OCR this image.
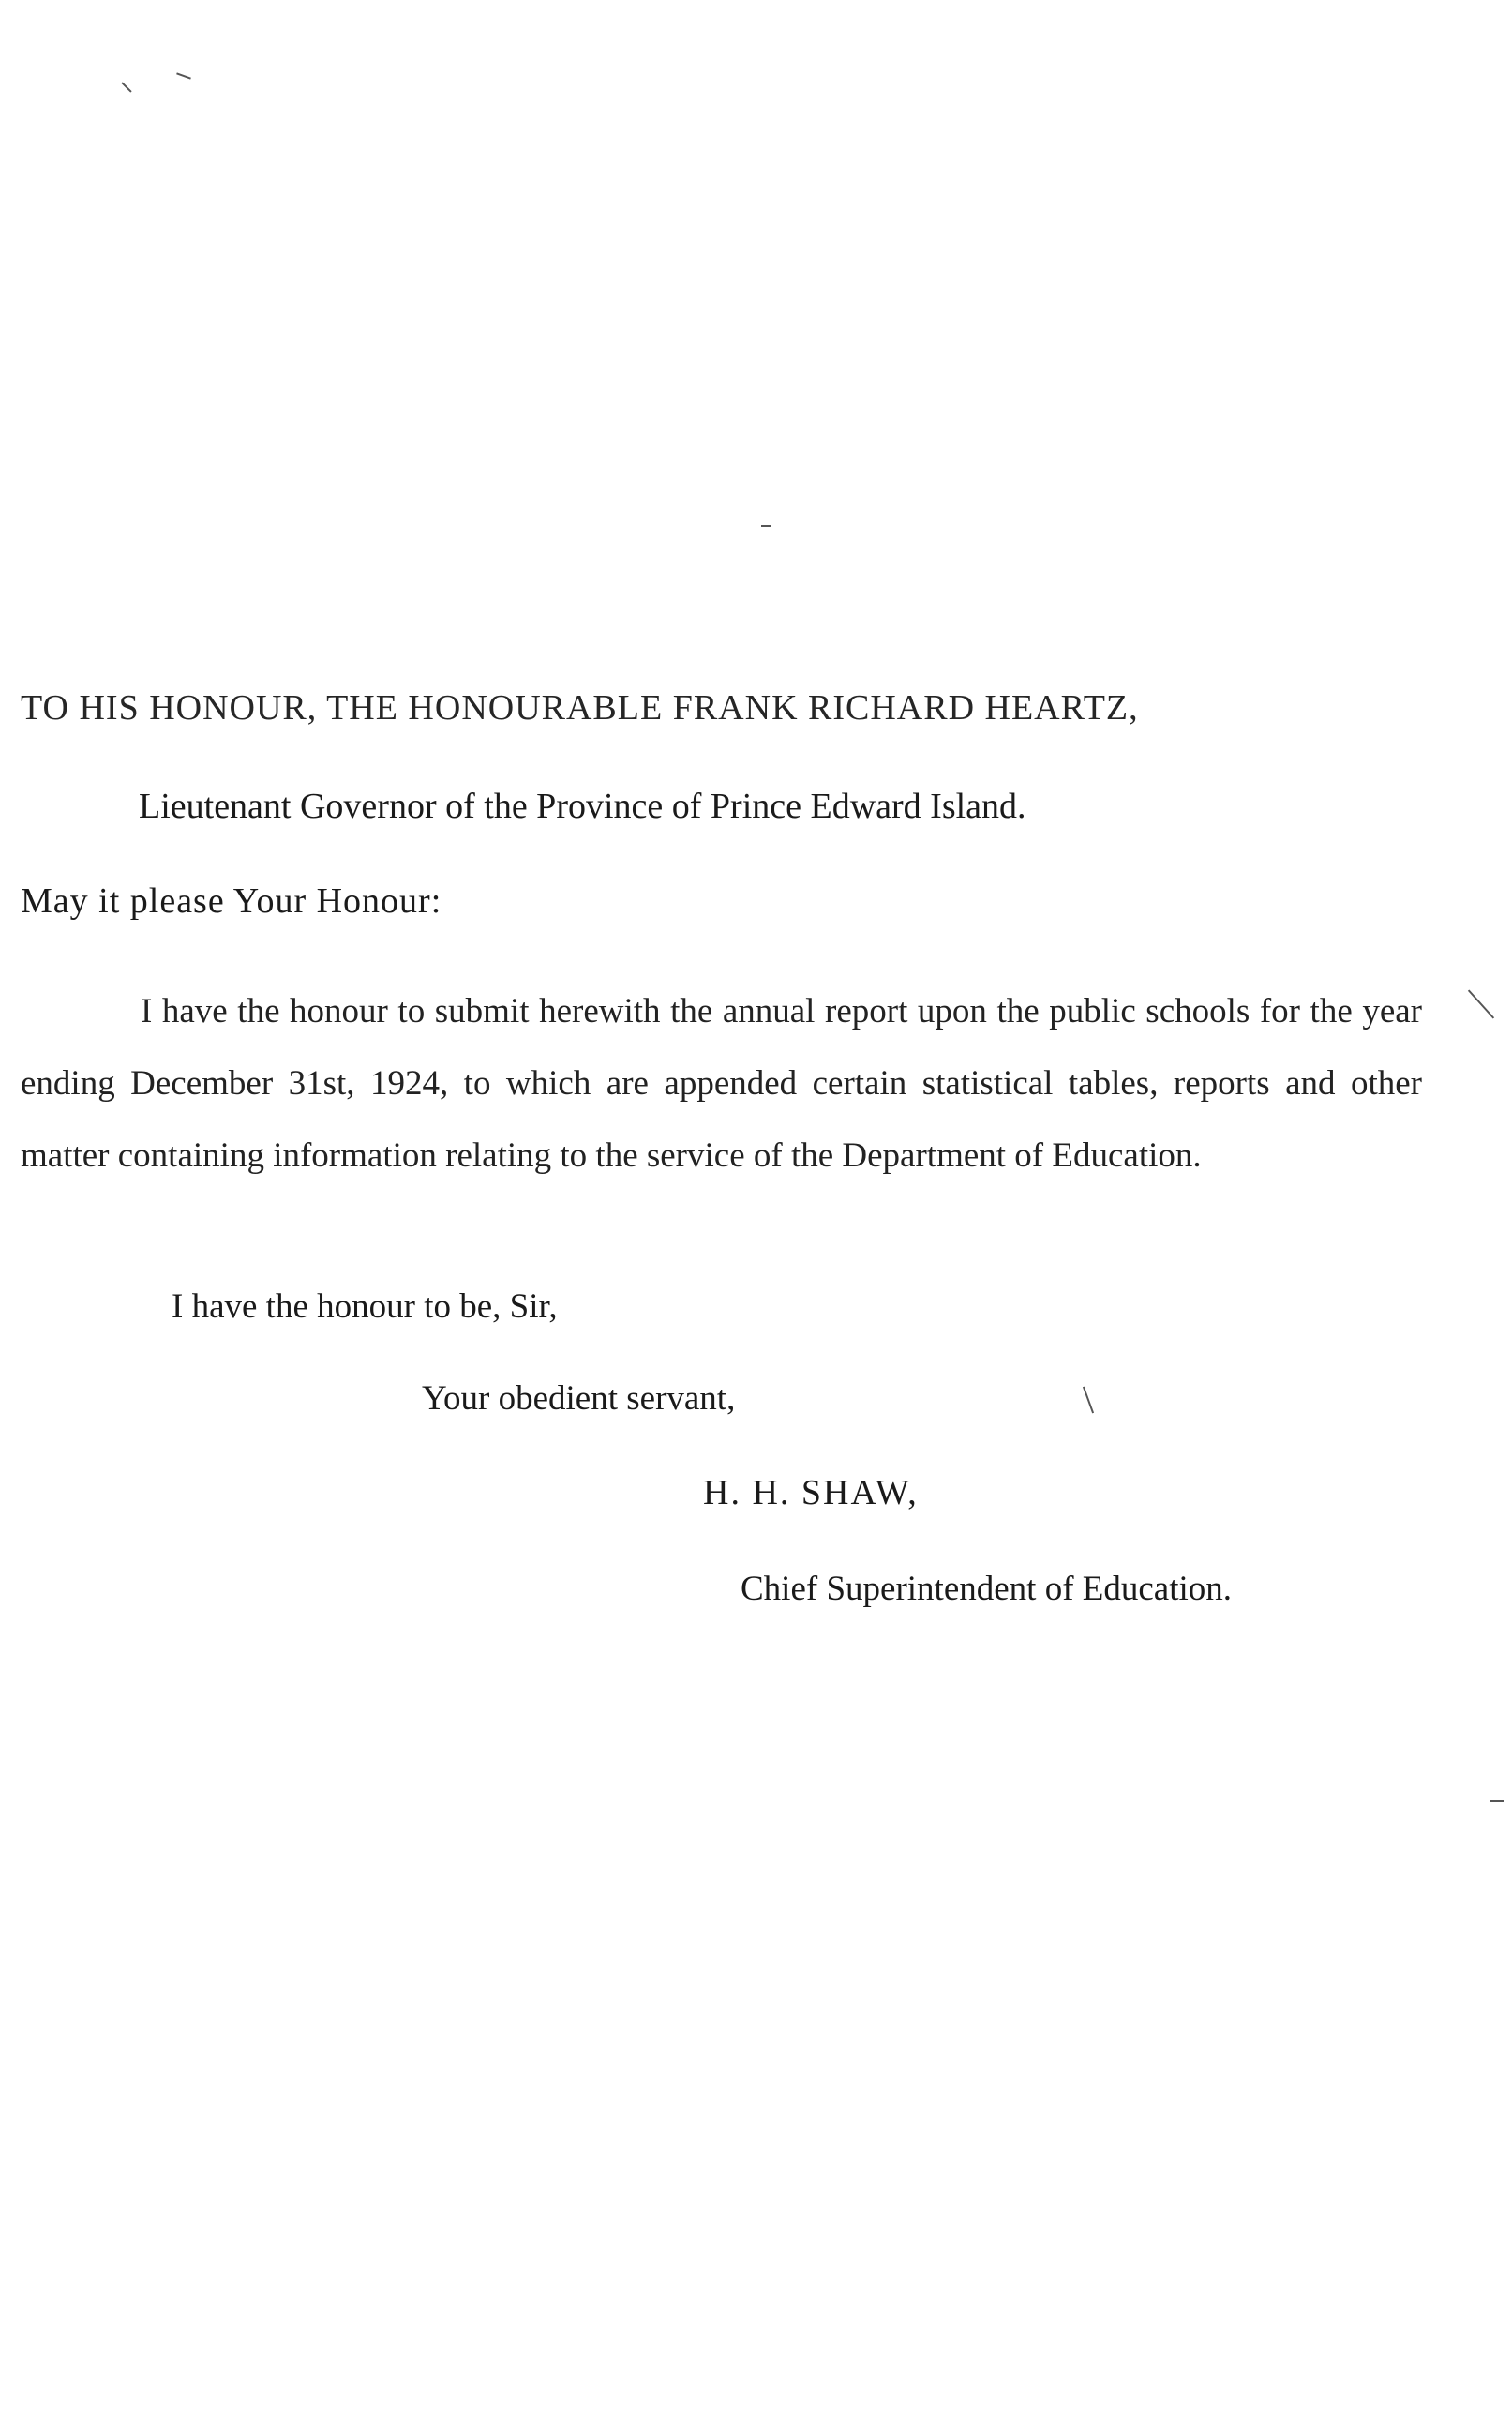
TO HIS HONOUR, THE HONOURABLE FRANK RICHARD HEARTZ,
Lieutenant Governor of the Province of Prince Edward Island.
May it please Your Honour:
I have the honour to submit herewith the annual report upon the public schools for the year ending December 31st, 1924, to which are appended certain statistical tables, reports and other matter containing information relating to the service of the Department of Education.
I have the honour to be, Sir,
Your obedient servant,
H. H. SHAW,
Chief Superintendent of Education.
